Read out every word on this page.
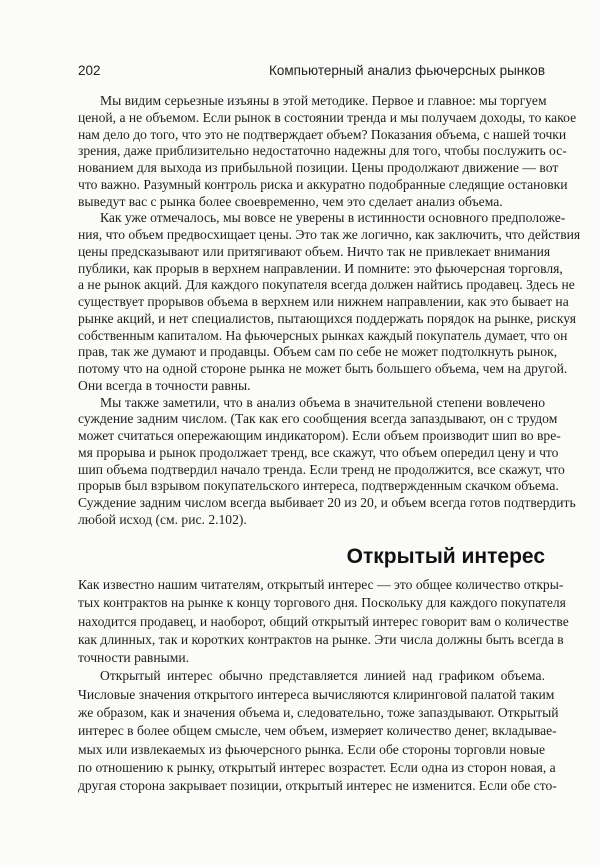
202	Компьютерный анализ фьючерсных рынков
Мы видим серьезные изъяны в этой методике. Первое и главное: мы торгуем
ценой, а не объемом. Если рынок в состоянии тренда и мы получаем доходы, то какое
нам дело до того, что это не подтверждает объем? Показания объема, с нашей точки
зрения, даже приблизительно недостаточно надежны для того, чтобы послужить ос-
нованием для выхода из прибыльной позиции. Цены продолжают движение — вот
что важно. Разумный контроль риска и аккуратно подобранные следящие остановки
выведут вас с рынка более своевременно, чем это сделает анализ объема.
Как уже отмечалось, мы вовсе не уверены в истинности основного предположе-
ния, что объем предвосхищает цены. Это так же логично, как заключить, что действия
цены предсказывают или притягивают объем. Ничто так не привлекает внимания
публики, как прорыв в верхнем направлении. И помните: это фьючерсная торговля,
а не рынок акций. Для каждого покупателя всегда должен найтись продавец. Здесь не
существует прорывов объема в верхнем или нижнем направлении, как это бывает на
рынке акций, и нет специалистов, пытающихся поддержать порядок на рынке, рискуя
собственным капиталом. На фьючерсных рынках каждый покупатель думает, что он
прав, так же думают и продавцы. Объем сам по себе не может подтолкнуть рынок,
потому что на одной стороне рынка не может быть большего объема, чем на другой.
Они всегда в точности равны.
Мы также заметили, что в анализ объема в значительной степени вовлечено
суждение задним числом. (Так как его сообщения всегда запаздывают, он с трудом
может считаться опережающим индикатором). Если объем производит шип во вре-
мя прорыва и рынок продолжает тренд, все скажут, что объем опередил цену и что
шип объема подтвердил начало тренда. Если тренд не продолжится, все скажут, что
прорыв был взрывом покупательского интереса, подтвержденным скачком объема.
Суждение задним числом всегда выбивает 20 из 20, и объем всегда готов подтвердить
любой исход (см. рис. 2.102).
Открытый интерес
Как известно нашим читателям, открытый интерес — это общее количество откры-
тых контрактов на рынке к концу торгового дня. Поскольку для каждого покупателя
находится продавец, и наоборот, общий открытый интерес говорит вам о количестве
как длинных, так и коротких контрактов на рынке. Эти числа должны быть всегда в
точности равными.
Открытый интерес обычно представляется линией над графиком объема.
Числовые значения открытого интереса вычисляются клиринговой палатой таким
же образом, как и значения объема и, следовательно, тоже запаздывают. Открытый
интерес в более общем смысле, чем объем, измеряет количество денег, вкладывае-
мых или извлекаемых из фьючерсного рынка. Если обе стороны торговли новые
по отношению к рынку, открытый интерес возрастет. Если одна из сторон новая, а
другая сторона закрывает позиции, открытый интерес не изменится. Если обе сто-
